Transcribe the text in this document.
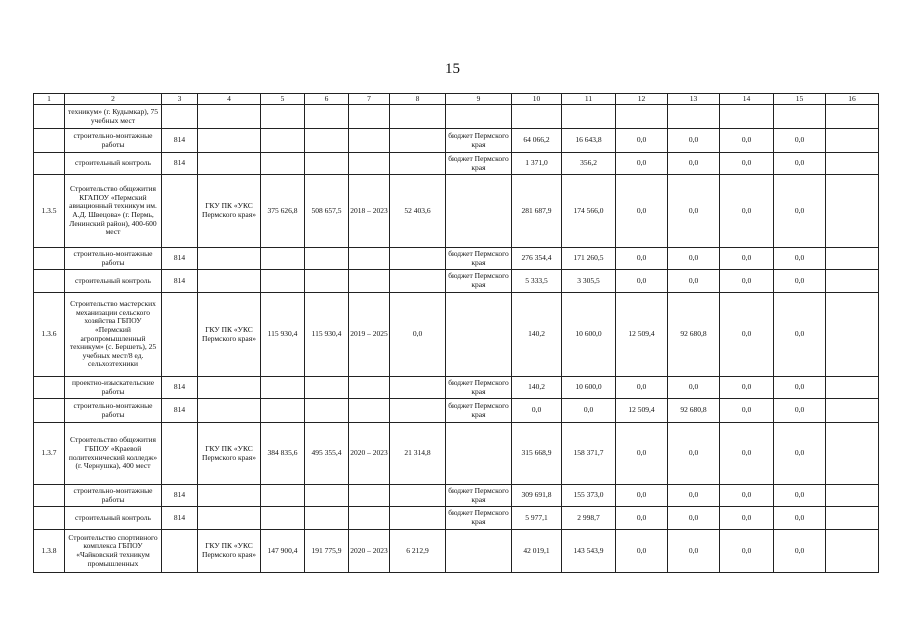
15
1	2	3	4	5	6	7	8	9	10	11	12	13	14	15	16
	техникум» (г. Кудымкар), 75 учебных мест														
	строительно-монтажные работы	814						бюджет Пермского края	64 066,2	16 643,8	0,0	0,0	0,0	0,0	
	строительный контроль	814						бюджет Пермского края	1 371,0	356,2	0,0	0,0	0,0	0,0	
1.3.5	Строительство общежития КГАПОУ «Пермский авиационный техникум им. А.Д. Швецова» (г. Пермь, Ленинский район), 400-600 мест		ГКУ ПК «УКС Пермского края»	375 626,8	508 657,5	2018 – 2023	52 403,6		281 687,9	174 566,0	0,0	0,0	0,0	0,0	
	строительно-монтажные работы	814						бюджет Пермского края	276 354,4	171 260,5	0,0	0,0	0,0	0,0	
	строительный контроль	814						бюджет Пермского края	5 333,5	3 305,5	0,0	0,0	0,0	0,0	
1.3.6	Строительство мастерских механизации сельского хозяйства ГБПОУ «Пермский агропромышленный техникум» (с. Бершеть), 25 учебных мест/8 ед. сельхозтехники		ГКУ ПК «УКС Пермского края»	115 930,4	115 930,4	2019 – 2025	0,0		140,2	10 600,0	12 509,4	92 680,8	0,0	0,0	
	проектно-изыскательские работы	814						бюджет Пермского края	140,2	10 600,0	0,0	0,0	0,0	0,0	
	строительно-монтажные работы	814						бюджет Пермского края	0,0	0,0	12 509,4	92 680,8	0,0	0,0	
1.3.7	Строительство общежития ГБПОУ «Краевой политехнический колледж» (г. Чернушка), 400 мест		ГКУ ПК «УКС Пермского края»	384 835,6	495 355,4	2020 – 2023	21 314,8		315 668,9	158 371,7	0,0	0,0	0,0	0,0	
	строительно-монтажные работы	814						бюджет Пермского края	309 691,8	155 373,0	0,0	0,0	0,0	0,0	
	строительный контроль	814						бюджет Пермского края	5 977,1	2 998,7	0,0	0,0	0,0	0,0	
1.3.8	Строительство спортивного комплекса ГБПОУ «Чайковский техникум промышленных		ГКУ ПК «УКС Пермского края»	147 900,4	191 775,9	2020 – 2023	6 212,9		42 019,1	143 543,9	0,0	0,0	0,0	0,0	
